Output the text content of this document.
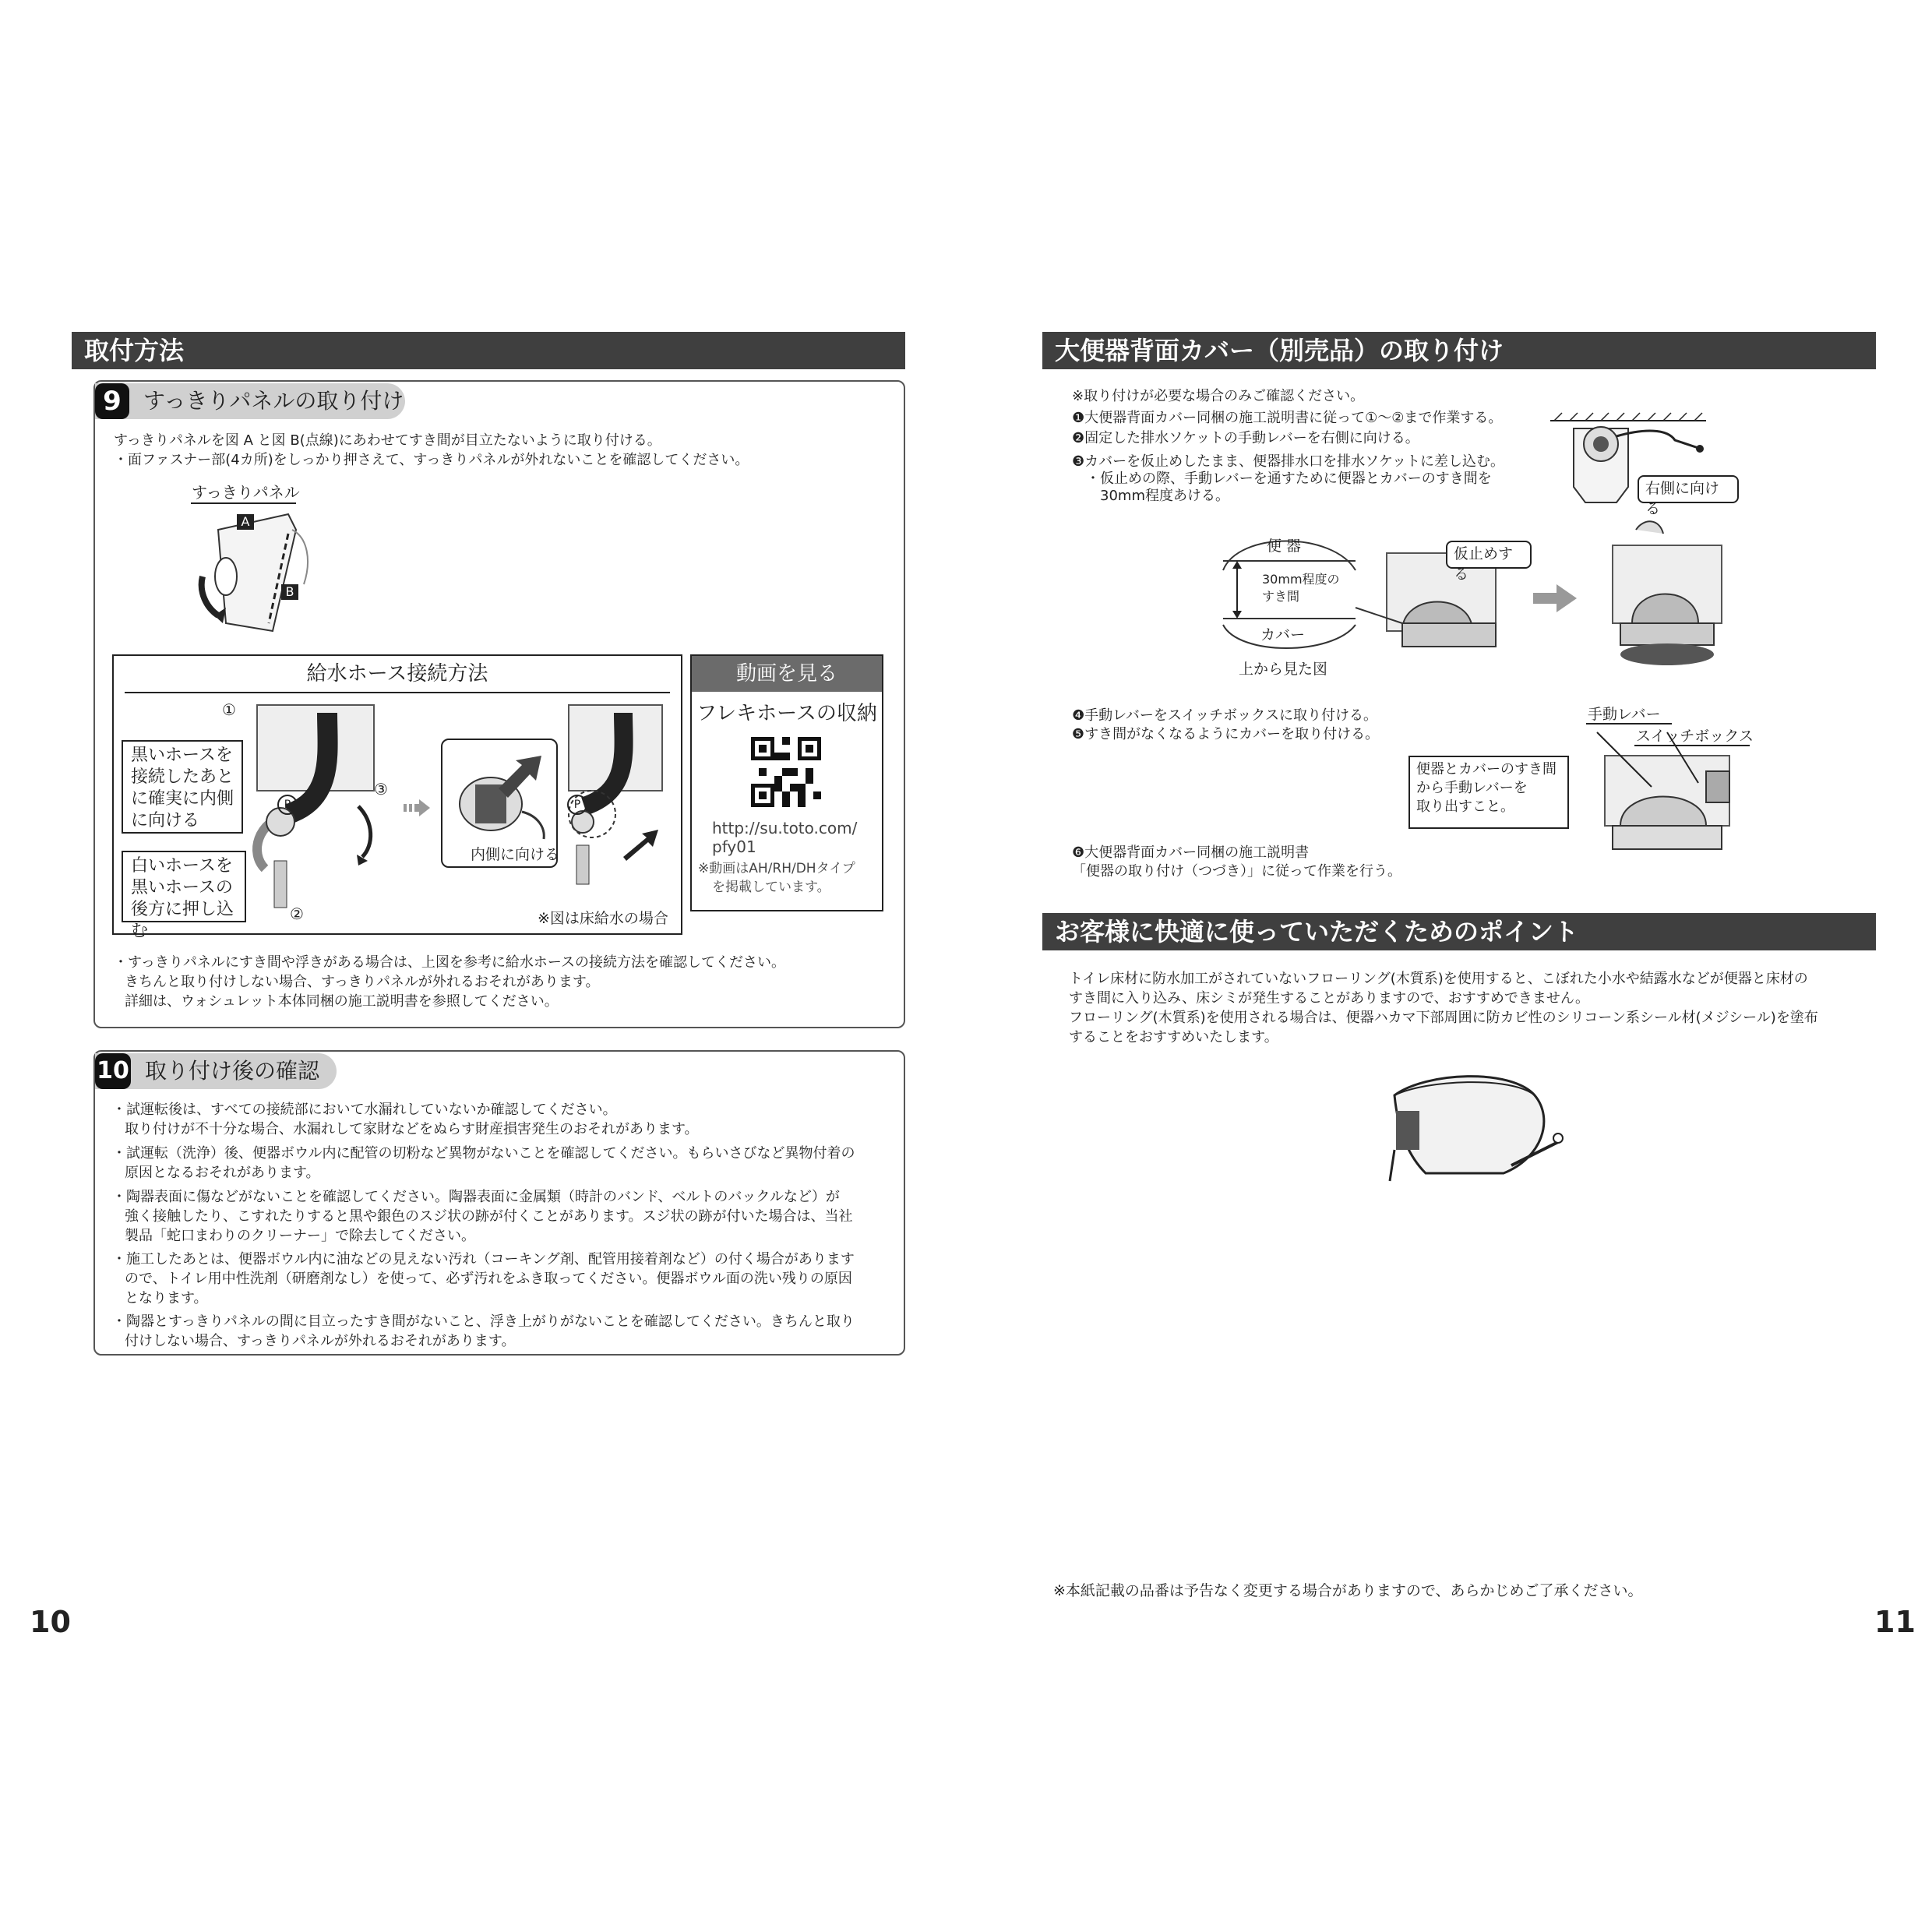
取付方法
9	すっきりパネルの取り付け
すっきりパネルを図 A と図 B(点線)にあわせてすき間が目立たないように取り付ける。
・面ファスナー部(4カ所)をしっかり押さえて、すっきりパネルが外れないことを確認してください。
すっきりパネル
A
B
給水ホース接続方法
①
②
③
P
黒いホースを
接続したあと
に確実に内側
に向ける
白いホースを
黒いホースの
後方に押し込む
内側に向ける
P
※図は床給水の場合
動画を見る
フレキホースの収納
http://su.toto.com/
pfy01
※動画はAH/RH/DHタイプ
を掲載しています。
・すっきりパネルにすき間や浮きがある場合は、上図を参考に給水ホースの接続方法を確認してください。
きちんと取り付けしない場合、すっきりパネルが外れるおそれがあります。
詳細は、ウォシュレット本体同梱の施工説明書を参照してください。
10 取り付け後の確認
・試運転後は、すべての接続部において水漏れしていないか確認してください。
取り付けが不十分な場合、水漏れして家財などをぬらす財産損害発生のおそれがあります。
・試運転（洗浄）後、便器ボウル内に配管の切粉など異物がないことを確認してください。もらいさびなど異物付着の
原因となるおそれがあります。
・陶器表面に傷などがないことを確認してください。陶器表面に金属類（時計のバンド、ベルトのバックルなど）が
強く接触したり、こすれたりすると黒や銀色のスジ状の跡が付くことがあります。スジ状の跡が付いた場合は、当社
製品「蛇口まわりのクリーナー」で除去してください。
・施工したあとは、便器ボウル内に油などの見えない汚れ（コーキング剤、配管用接着剤など）の付く場合があります
ので、トイレ用中性洗剤（研磨剤なし）を使って、必ず汚れをふき取ってください。便器ボウル面の洗い残りの原因
となります。
・陶器とすっきりパネルの間に目立ったすき間がないこと、浮き上がりがないことを確認してください。きちんと取り
付けしない場合、すっきりパネルが外れるおそれがあります。
10
大便器背面カバー（別売品）の取り付け
※取り付けが必要な場合のみご確認ください。
❶大便器背面カバー同梱の施工説明書に従って①～②まで作業する。
❷固定した排水ソケットの手動レバーを右側に向ける。
❸カバーを仮止めしたまま、便器排水口を排水ソケットに差し込む。
　・仮止めの際、手動レバーを通すために便器とカバーのすき間を
　　30mm程度あける。	右側に向ける
便 器
30mm程度の
すき間
カバー
上から見た図
仮止めする
❹手動レバーをスイッチボックスに取り付ける。
❺すき間がなくなるようにカバーを取り付ける。
手動レバー
スイッチボックス
便器とカバーのすき間
から手動レバーを
取り出すこと。
❻大便器背面カバー同梱の施工説明書
「便器の取り付け（つづき）」に従って作業を行う。
お客様に快適に使っていただくためのポイント
トイレ床材に防水加工がされていないフローリング(木質系)を使用すると、こぼれた小水や結露水などが便器と床材の
すき間に入り込み、床シミが発生することがありますので、おすすめできません。
フローリング(木質系)を使用される場合は、便器ハカマ下部周囲に防カビ性のシリコーン系シール材(メジシール)を塗布
することをおすすめいたします。
※本紙記載の品番は予告なく変更する場合がありますので、あらかじめご了承ください。
11
